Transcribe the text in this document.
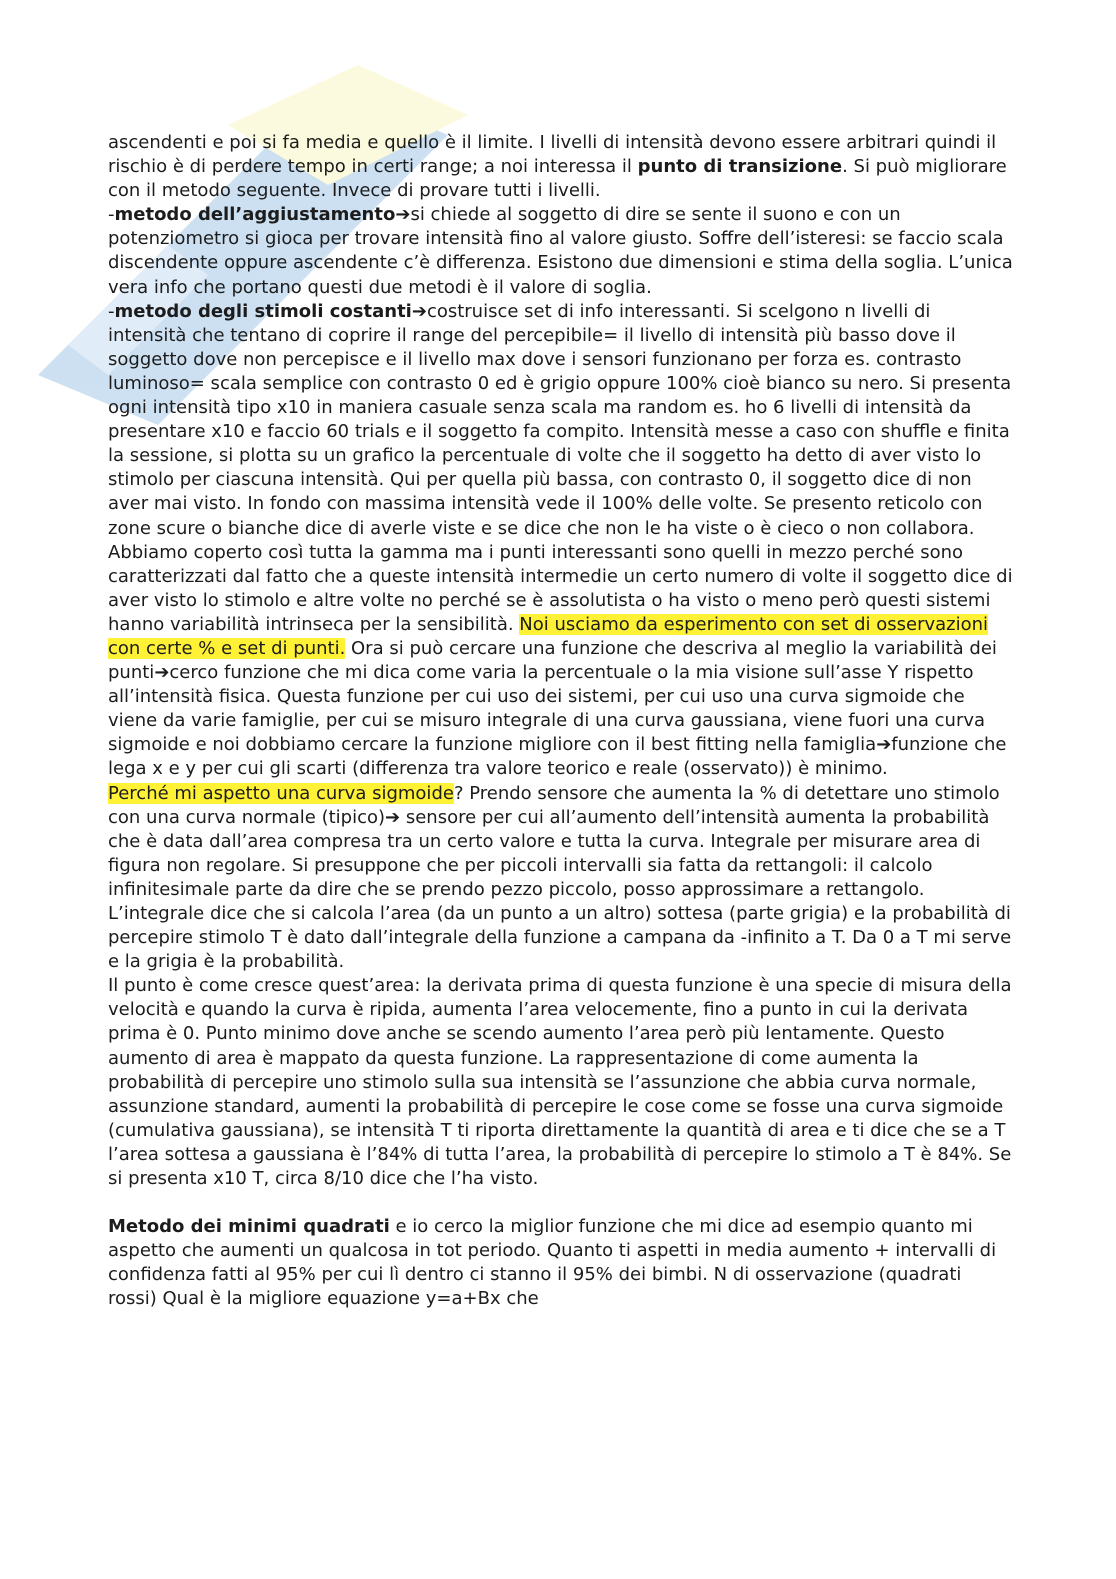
ascendenti e poi si fa media e quello è il limite. I livelli di intensità devono essere arbitrari quindi il rischio è di perdere tempo in certi range; a noi interessa il punto di transizione. Si può migliorare con il metodo seguente. Invece di provare tutti i livelli.

-metodo dell’aggiustamento➔si chiede al soggetto di dire se sente il suono e con un potenziometro si gioca per trovare intensità fino al valore giusto. Soffre dell’isteresi: se faccio scala discendente oppure ascendente c’è differenza. Esistono due dimensioni e stima della soglia. L’unica vera info che portano questi due metodi è il valore di soglia.

-metodo degli stimoli costanti➔costruisce set di info interessanti. Si scelgono n livelli di intensità che tentano di coprire il range del percepibile= il livello di intensità più basso dove il soggetto dove non percepisce e il livello max dove i sensori funzionano per forza es. contrasto luminoso= scala semplice con contrasto 0 ed è grigio oppure 100% cioè bianco su nero. Si presenta ogni intensità tipo x10 in maniera casuale senza scala ma random es. ho 6 livelli di intensità da presentare x10 e faccio 60 trials e il soggetto fa compito. Intensità messe a caso con shuffle e finita la sessione, si plotta su un grafico la percentuale di volte che il soggetto ha detto di aver visto lo stimolo per ciascuna intensità. Qui per quella più bassa, con contrasto 0, il soggetto dice di non aver mai visto. In fondo con massima intensità vede il 100% delle volte. Se presento reticolo con zone scure o bianche dice di averle viste e se dice che non le ha viste o è cieco o non collabora. Abbiamo coperto così tutta la gamma ma i punti interessanti sono quelli in mezzo perché sono caratterizzati dal fatto che a queste intensità intermedie un certo numero di volte il soggetto dice di aver visto lo stimolo e altre volte no perché se è assolutista o ha visto o meno però questi sistemi hanno variabilità intrinseca per la sensibilità. Noi usciamo da esperimento con set di osservazioni con certe % e set di punti. Ora si può cercare una funzione che descriva al meglio la variabilità dei punti➔cerco funzione che mi dica come varia la percentuale o la mia visione sull’asse Y rispetto all’intensità fisica. Questa funzione per cui uso dei sistemi, per cui uso una curva sigmoide che viene da varie famiglie, per cui se misuro integrale di una curva gaussiana, viene fuori una curva sigmoide e noi dobbiamo cercare la funzione migliore con il best fitting nella famiglia➔funzione che lega x e y per cui gli scarti (differenza tra valore teorico e reale (osservato)) è minimo.

Perché mi aspetto una curva sigmoide? Prendo sensore che aumenta la % di detettare uno stimolo con una curva normale (tipico)➔ sensore per cui all’aumento dell’intensità aumenta la probabilità che è data dall’area compresa tra un certo valore e tutta la curva. Integrale per misurare area di figura non regolare. Si presuppone che per piccoli intervalli sia fatta da rettangoli: il calcolo infinitesimale parte da dire che se prendo pezzo piccolo, posso approssimare a rettangolo. L’integrale dice che si calcola l’area (da un punto a un altro) sottesa (parte grigia) e la probabilità di percepire stimolo T è dato dall’integrale della funzione a campana da -infinito a T. Da 0 a T mi serve e la grigia è la probabilità.

Il punto è come cresce quest’area: la derivata prima di questa funzione è una specie di misura della velocità e quando la curva è ripida, aumenta l’area velocemente, fino a punto in cui la derivata prima è 0. Punto minimo dove anche se scendo aumento l’area però più lentamente. Questo aumento di area è mappato da questa funzione. La rappresentazione di come aumenta la probabilità di percepire uno stimolo sulla sua intensità se l’assunzione che abbia curva normale, assunzione standard, aumenti la probabilità di percepire le cose come se fosse una curva sigmoide (cumulativa gaussiana), se intensità T ti riporta direttamente la quantità di area e ti dice che se a T l’area sottesa a gaussiana è l’84% di tutta l’area, la probabilità di percepire lo stimolo a T è 84%. Se si presenta x10 T, circa 8/10 dice che l’ha visto.

Metodo dei minimi quadrati e io cerco la miglior funzione che mi dice ad esempio quanto mi aspetto che aumenti un qualcosa in tot periodo. Quanto ti aspetti in media aumento + intervalli di confidenza fatti al 95% per cui lì dentro ci stanno il 95% dei bimbi. N di osservazione (quadrati rossi) Qual è la migliore equazione y=a+Bx che
